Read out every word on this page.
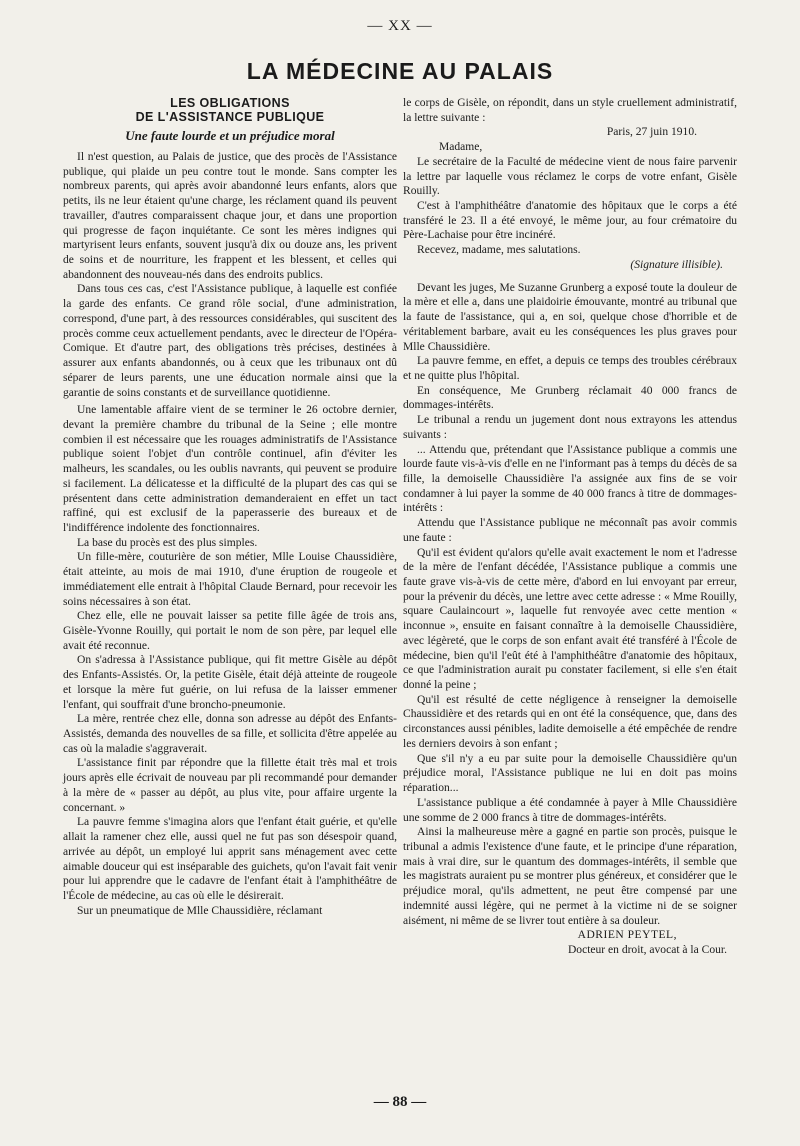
— XX —
LA MÉDECINE AU PALAIS
LES OBLIGATIONS
DE L'ASSISTANCE PUBLIQUE
Une faute lourde et un préjudice moral

Il n'est question, au Palais de justice, que des procès de l'Assistance publique, qui plaide un peu contre tout le monde. Sans compter les nombreux parents, qui après avoir abandonné leurs enfants, alors que petits, ils ne leur étaient qu'une charge, les réclament quand ils peuvent travailler, d'autres comparaissent chaque jour, et dans une proportion qui progresse de façon inquiétante. Ce sont les mères indignes qui martyrisent leurs enfants, souvent jusqu'à dix ou douze ans, les privent de soins et de nourriture, les frappent et les blessent, et celles qui abandonnent des nouveau-nés dans des endroits publics.

Dans tous ces cas, c'est l'Assistance publique, à laquelle est confiée la garde des enfants. Ce grand rôle social, d'une administration, correspond, d'une part, à des ressources considérables, qui suscitent des procès comme ceux actuellement pendants, avec le directeur de l'Opéra-Comique. Et d'autre part, des obligations très précises, destinées à assurer aux enfants abandonnés, ou à ceux que les tribunaux ont dû séparer de leurs parents, une une éducation normale ainsi que la garantie de soins constants et de surveillance quotidienne.

Une lamentable affaire vient de se terminer le 26 octobre dernier, devant la première chambre du tribunal de la Seine ; elle montre combien il est nécessaire que les rouages administratifs de l'Assistance publique soient l'objet d'un contrôle continuel, afin d'éviter les malheurs, les scandales, ou les oublis navrants, qui peuvent se produire si facilement. La délicatesse et la difficulté de la plupart des cas qui se présentent dans cette administration demanderaient en effet un tact raffiné, qui est exclusif de la paperasserie des bureaux et de l'indifférence indolente des fonctionnaires.

La base du procès est des plus simples.

Un fille-mère, couturière de son métier, Mlle Louise Chaussidière, était atteinte, au mois de mai 1910, d'une éruption de rougeole et immédiatement elle entrait à l'hôpital Claude Bernard, pour recevoir les soins nécessaires à son état.

Chez elle, elle ne pouvait laisser sa petite fille âgée de trois ans, Gisèle-Yvonne Rouilly, qui portait le nom de son père, par lequel elle avait été reconnue.

On s'adressa à l'Assistance publique, qui fit mettre Gisèle au dépôt des Enfants-Assistés. Or, la petite Gisèle, était déjà atteinte de rougeole et lorsque la mère fut guérie, on lui refusa de la laisser emmener l'enfant, qui souffrait d'une broncho-pneumonie.

La mère, rentrée chez elle, donna son adresse au dépôt des Enfants-Assistés, demanda des nouvelles de sa fille, et sollicita d'être appelée au cas où la maladie s'aggraverait.

L'assistance finit par répondre que la fillette était très mal et trois jours après elle écrivait de nouveau par pli recommandé pour demander à la mère de « passer au dépôt, au plus vite, pour affaire urgente la concernant. »

La pauvre femme s'imagina alors que l'enfant était guérie, et qu'elle allait la ramener chez elle, aussi quel ne fut pas son désespoir quand, arrivée au dépôt, un employé lui apprit sans ménagement avec cette aimable douceur qui est inséparable des guichets, qu'on l'avait fait venir pour lui apprendre que le cadavre de l'enfant était à l'amphithéâtre de l'École de médecine, au cas où elle le désirerait.

Sur un pneumatique de Mlle Chaussidière, réclamant

le corps de Gisèle, on répondit, dans un style cruellement administratif, la lettre suivante :

Paris, 27 juin 1910.

Madame,

Le secrétaire de la Faculté de médecine vient de nous faire parvenir la lettre par laquelle vous réclamez le corps de votre enfant, Gisèle Rouilly.

C'est à l'amphithéâtre d'anatomie des hôpitaux que le corps a été transféré le 23. Il a été envoyé, le même jour, au four crématoire du Père-Lachaise pour être incinéré.

Recevez, madame, mes salutations.

(Signature illisible).

Devant les juges, Me Suzanne Grunberg a exposé toute la douleur de la mère et elle a, dans une plaidoirie émouvante, montré au tribunal que la faute de l'assistance, qui a, en soi, quelque chose d'horrible et de véritablement barbare, avait eu les conséquences les plus graves pour Mlle Chaussidière.

La pauvre femme, en effet, a depuis ce temps des troubles cérébraux et ne quitte plus l'hôpital.

En conséquence, Me Grunberg réclamait 40 000 francs de dommages-intérêts.

Le tribunal a rendu un jugement dont nous extrayons les attendus suivants :

... Attendu que, prétendant que l'Assistance publique a commis une lourde faute vis-à-vis d'elle en ne l'informant pas à temps du décès de sa fille, la demoiselle Chaussidière l'a assignée aux fins de se voir condamner à lui payer la somme de 40 000 francs à titre de dommages-intérêts :

Attendu que l'Assistance publique ne méconnaît pas avoir commis une faute :

Qu'il est évident qu'alors qu'elle avait exactement le nom et l'adresse de la mère de l'enfant décédée, l'Assistance publique a commis une faute grave vis-à-vis de cette mère, d'abord en lui envoyant par erreur, pour la prévenir du décès, une lettre avec cette adresse : « Mme Rouilly, square Caulaincourt », laquelle fut renvoyée avec cette mention « inconnue », ensuite en faisant connaître à la demoiselle Chaussidière, avec légèreté, que le corps de son enfant avait été transféré à l'École de médecine, bien qu'il l'eût été à l'amphithéâtre d'anatomie des hôpitaux, ce que l'administration aurait pu constater facilement, si elle s'en était donné la peine ;

Qu'il est résulté de cette négligence à renseigner la demoiselle Chaussidière et des retards qui en ont été la conséquence, que, dans des circonstances aussi pénibles, ladite demoiselle a été empêchée de rendre les derniers devoirs à son enfant ;

Que s'il n'y a eu par suite pour la demoiselle Chaussidière qu'un préjudice moral, l'Assistance publique ne lui en doit pas moins réparation...

L'assistance publique a été condamnée à payer à Mlle Chaussidière une somme de 2 000 francs à titre de dommages-intérêts.

Ainsi la malheureuse mère a gagné en partie son procès, puisque le tribunal a admis l'existence d'une faute, et le principe d'une réparation, mais à vrai dire, sur le quantum des dommages-intérêts, il semble que les magistrats auraient pu se montrer plus généreux, et considérer que le préjudice moral, qu'ils admettent, ne peut être compensé par une indemnité aussi légère, qui ne permet à la victime ni de se soigner aisément, ni même de se livrer tout entière à sa douleur.

ADRIEN PEYTEL,
Docteur en droit, avocat à la Cour.
— 88 —
